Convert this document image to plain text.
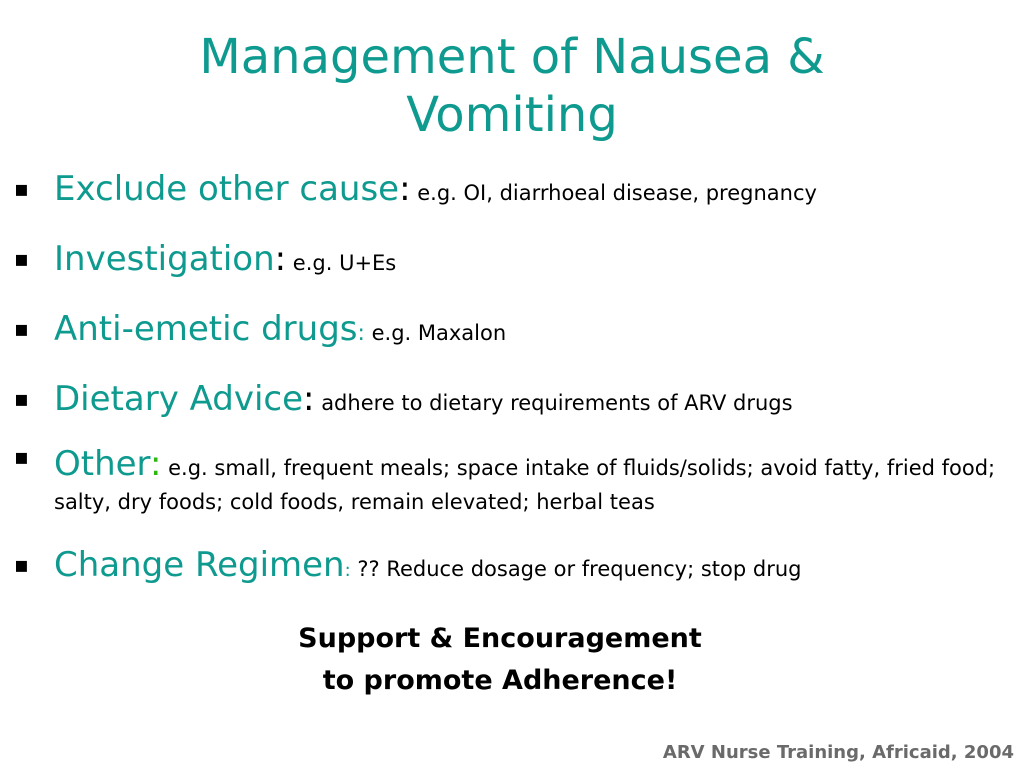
Management of Nausea & Vomiting
▪ Exclude other cause: e.g. OI, diarrhoeal disease, pregnancy
▪ Investigation: e.g. U+Es
▪ Anti-emetic drugs: e.g. Maxalon
▪ Dietary Advice: adhere to dietary requirements of ARV drugs
▪ Other: e.g. small, frequent meals; space intake of fluids/solids; avoid fatty, fried food; salty, dry foods; cold foods, remain elevated; herbal teas
▪ Change Regimen: ?? Reduce dosage or frequency; stop drug
Support & Encouragement
to promote Adherence!
ARV Nurse Training, Africaid, 2004
